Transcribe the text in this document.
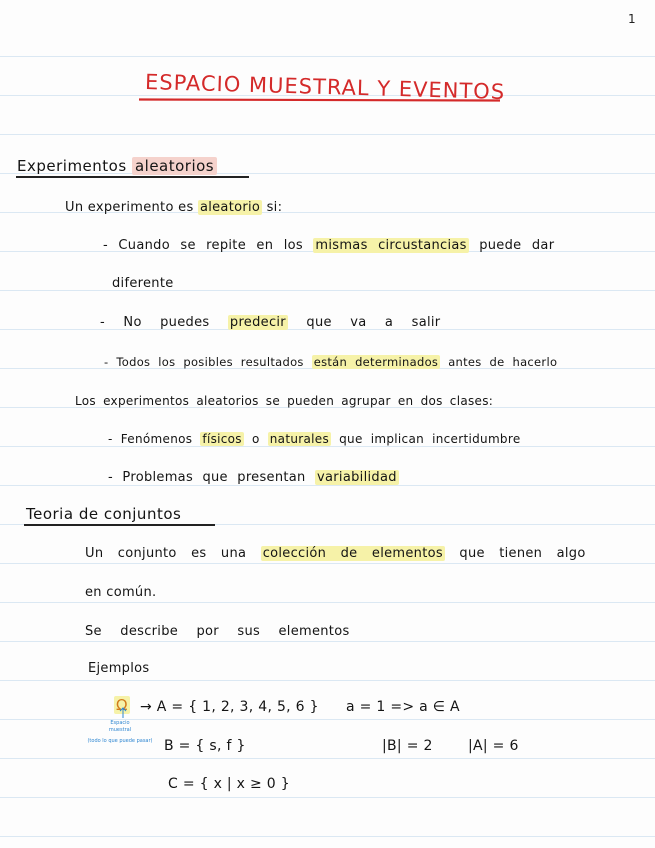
1
ESPACIO MUESTRAL Y EVENTOS
Experimentos aleatorios
Un experimento es aleatorio si:
- Cuando se repite en los mismas circustancias puede dar
diferente
- No puedes predecir que va a salir
- Todos los posibles resultados están determinados antes de hacerlo
Los experimentos aleatorios se pueden agrupar en dos clases:
- Fenómenos físicos o naturales que implican incertidumbre
- Problemas que presentan variabilidad
Teoria de conjuntos
Un conjunto es una colección de elementos que tienen algo
en común.
Se describe por sus elementos
Ejemplos
Ω
Espacio
muestral
(todo lo que puede pasar)
→ A = { 1, 2, 3, 4, 5, 6 } a = 1 => a ∈ A
B = { s, f }	|B| = 2	|A| = 6
C = { x | x ≥ 0 }
